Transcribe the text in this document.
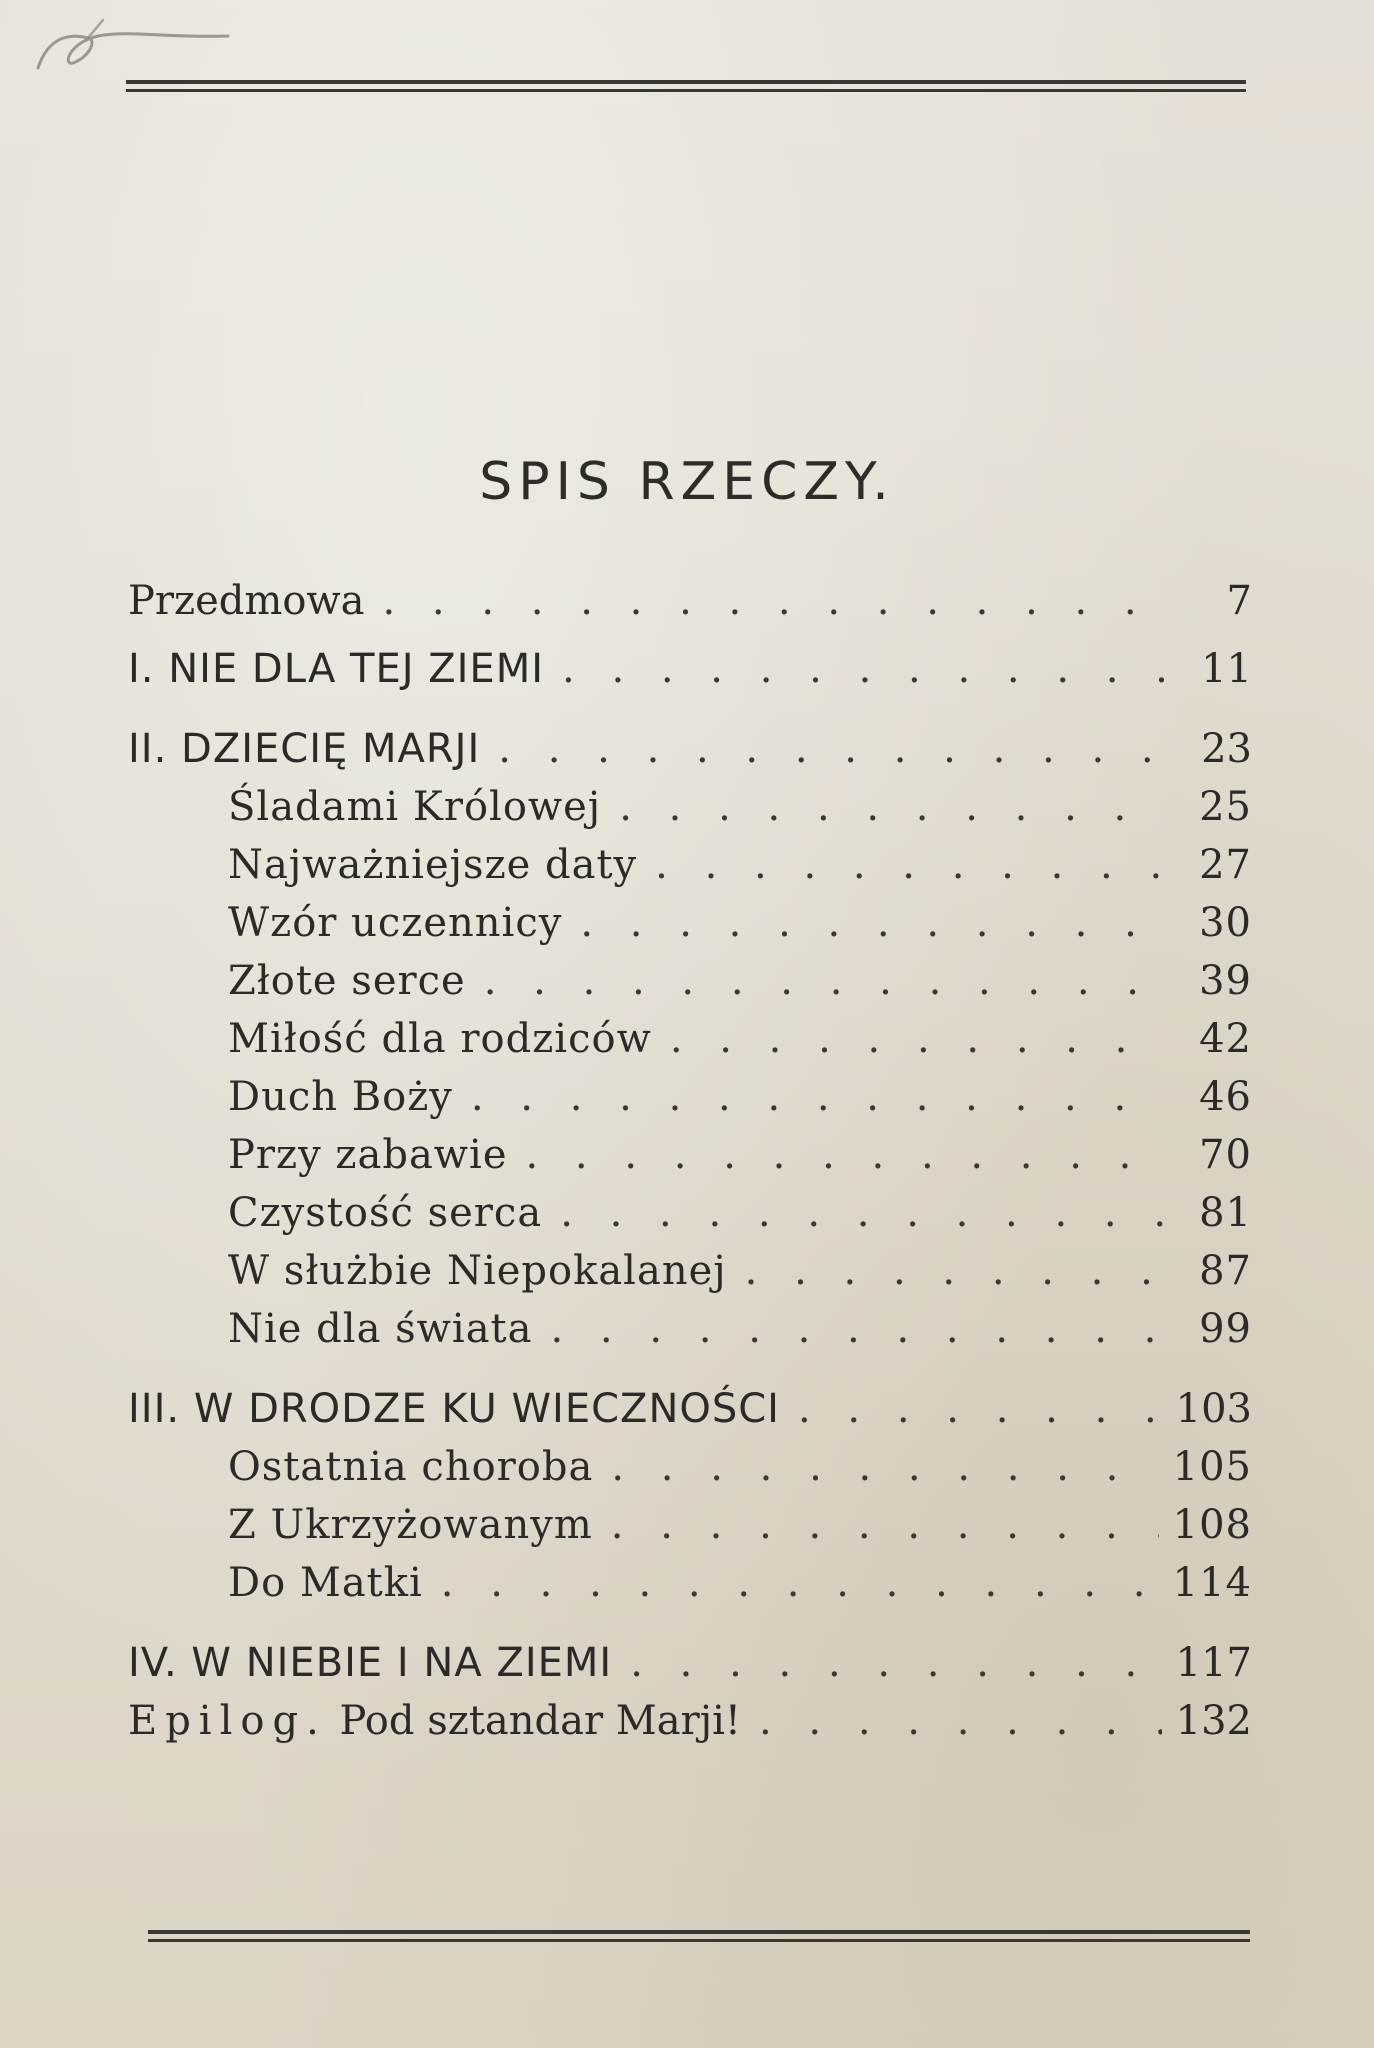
SPIS RZECZY.
Przedmowa . . .	7
I. NIE DLA TEJ ZIEMI . . .	11
II. DZIECIĘ MARJI . . .	23
Śladami Królowej . . .	25
Najważniejsze daty . . .	27
Wzór uczennicy . . .	30
Złote serce . . .	39
Miłość dla rodziców . . .	42
Duch Boży . . .	46
Przy zabawie . . .	70
Czystość serca . . .	81
W służbie Niepokalanej . . .	87
Nie dla świata . . .	99
III. W DRODZE KU WIECZNOŚCI . . .	103
Ostatnia choroba . . .	105
Z Ukrzyżowanym . . .	108
Do Matki . . .	114
IV. W NIEBIE I NA ZIEMI . . .	117
Epilog. Pod sztandar Marji! . . .	132
